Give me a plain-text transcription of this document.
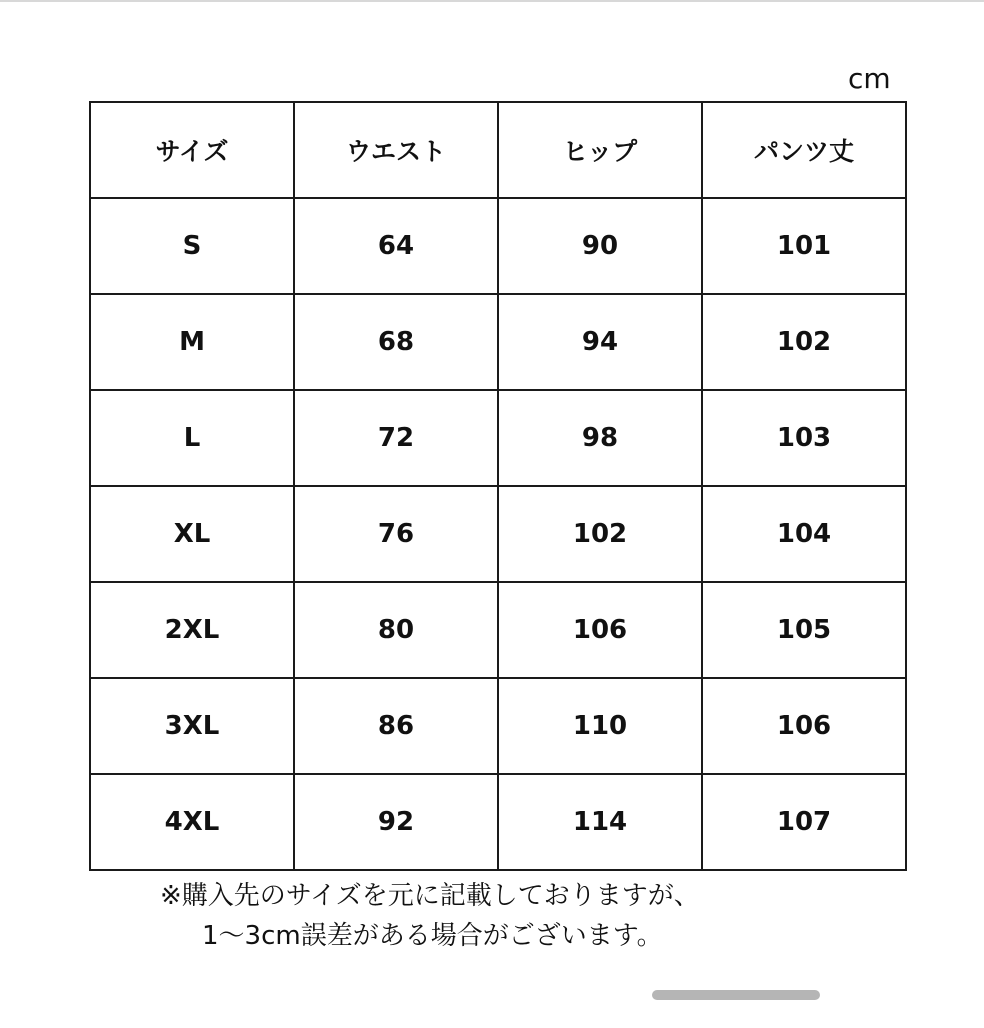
cm
サイズ	ウエスト	ヒップ	パンツ丈
S	64	90	101
M	68	94	102
L	72	98	103
XL	76	102	104
2XL	80	106	105
3XL	86	110	106
4XL	92	114	107
※購入先のサイズを元に記載しておりますが、
1～3cm誤差がある場合がございます。
